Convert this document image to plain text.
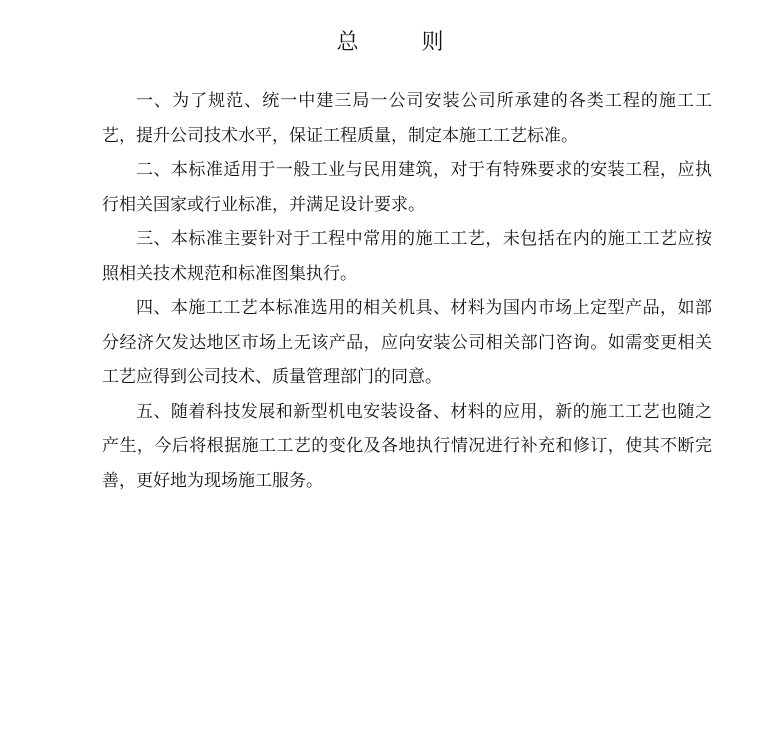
总 则

一、为了规范、统一中建三局一公司安装公司所承建的各类工程的施工工艺，提升公司技术水平，保证工程质量，制定本施工工艺标准。

二、本标准适用于一般工业与民用建筑，对于有特殊要求的安装工程，应执行相关国家或行业标准，并满足设计要求。

三、本标准主要针对于工程中常用的施工工艺，未包括在内的施工工艺应按照相关技术规范和标准图集执行。

四、本施工工艺本标准选用的相关机具、材料为国内市场上定型产品，如部分经济欠发达地区市场上无该产品，应向安装公司相关部门咨询。如需变更相关工艺应得到公司技术、质量管理部门的同意。

五、随着科技发展和新型机电安装设备、材料的应用，新的施工工艺也随之产生，今后将根据施工工艺的变化及各地执行情况进行补充和修订，使其不断完善，更好地为现场施工服务。
